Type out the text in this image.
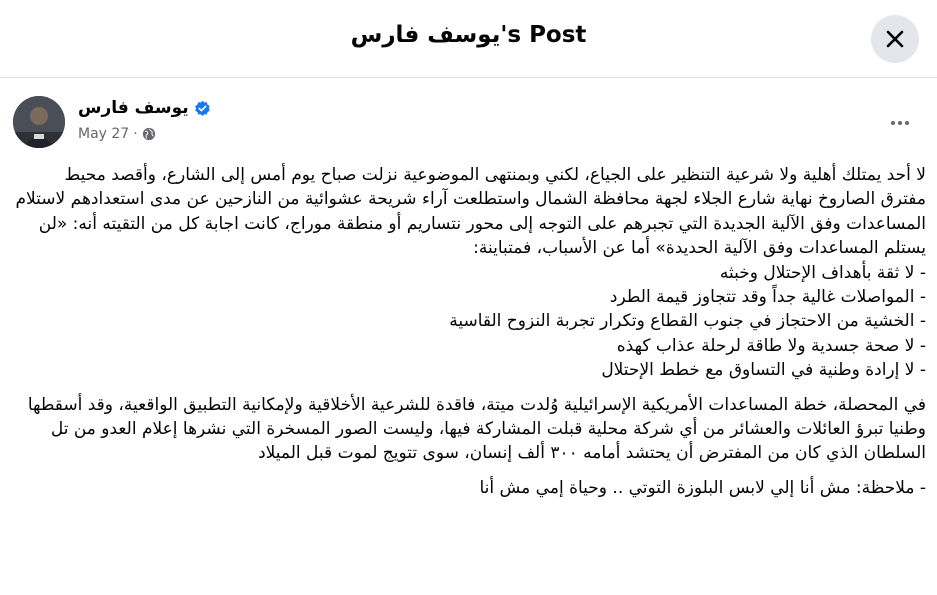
يوسف فارس's Post
يوسف فارس
May 27 ·

لا أحد يمتلك أهلية ولا شرعية التنظير على الجياع، لكني وبمنتهى الموضوعية نزلت صباح يوم أمس إلى الشارع، وأقصد محيط مفترق الصاروخ نهاية شارع الجلاء لجهة محافظة الشمال واستطلعت آراء شريحة عشوائية من النازحين عن مدى استعدادهم لاستلام المساعدات وفق الآلية الجديدة التي تجبرهم على التوجه إلى محور نتساريم أو منطقة موراج، كانت اجابة كل من التقيته أنه: «لن يستلم المساعدات وفق الآلية الحديدة» أما عن الأسباب، فمتباينة:

- لا ثقة بأهداف الإحتلال وخبثه
- المواصلات غالية جداً وقد تتجاوز قيمة الطرد
- الخشية من الاحتجاز في جنوب القطاع وتكرار تجربة النزوح القاسية
- لا صحة جسدية ولا طاقة لرحلة عذاب كهذه
- لا إرادة وطنية في التساوق مع خطط الإحتلال

في المحصلة، خطة المساعدات الأمريكية الإسرائيلية وُلدت ميتة، فاقدة للشرعية الأخلاقية ولإمكانية التطبيق الواقعية، وقد أسقطها وطنيا تبرؤ العائلات والعشائر من أي شركة محلية قبلت المشاركة فيها، وليست الصور المسخرة التي نشرها إعلام العدو من تل السلطان الذي كان من المفترض أن يحتشد أمامه ٣٠٠ ألف إنسان، سوى تتويج لموت قبل الميلاد

- ملاحظة: مش أنا إلي لابس البلوزة التوتي .. وحياة إمي مش أنا
